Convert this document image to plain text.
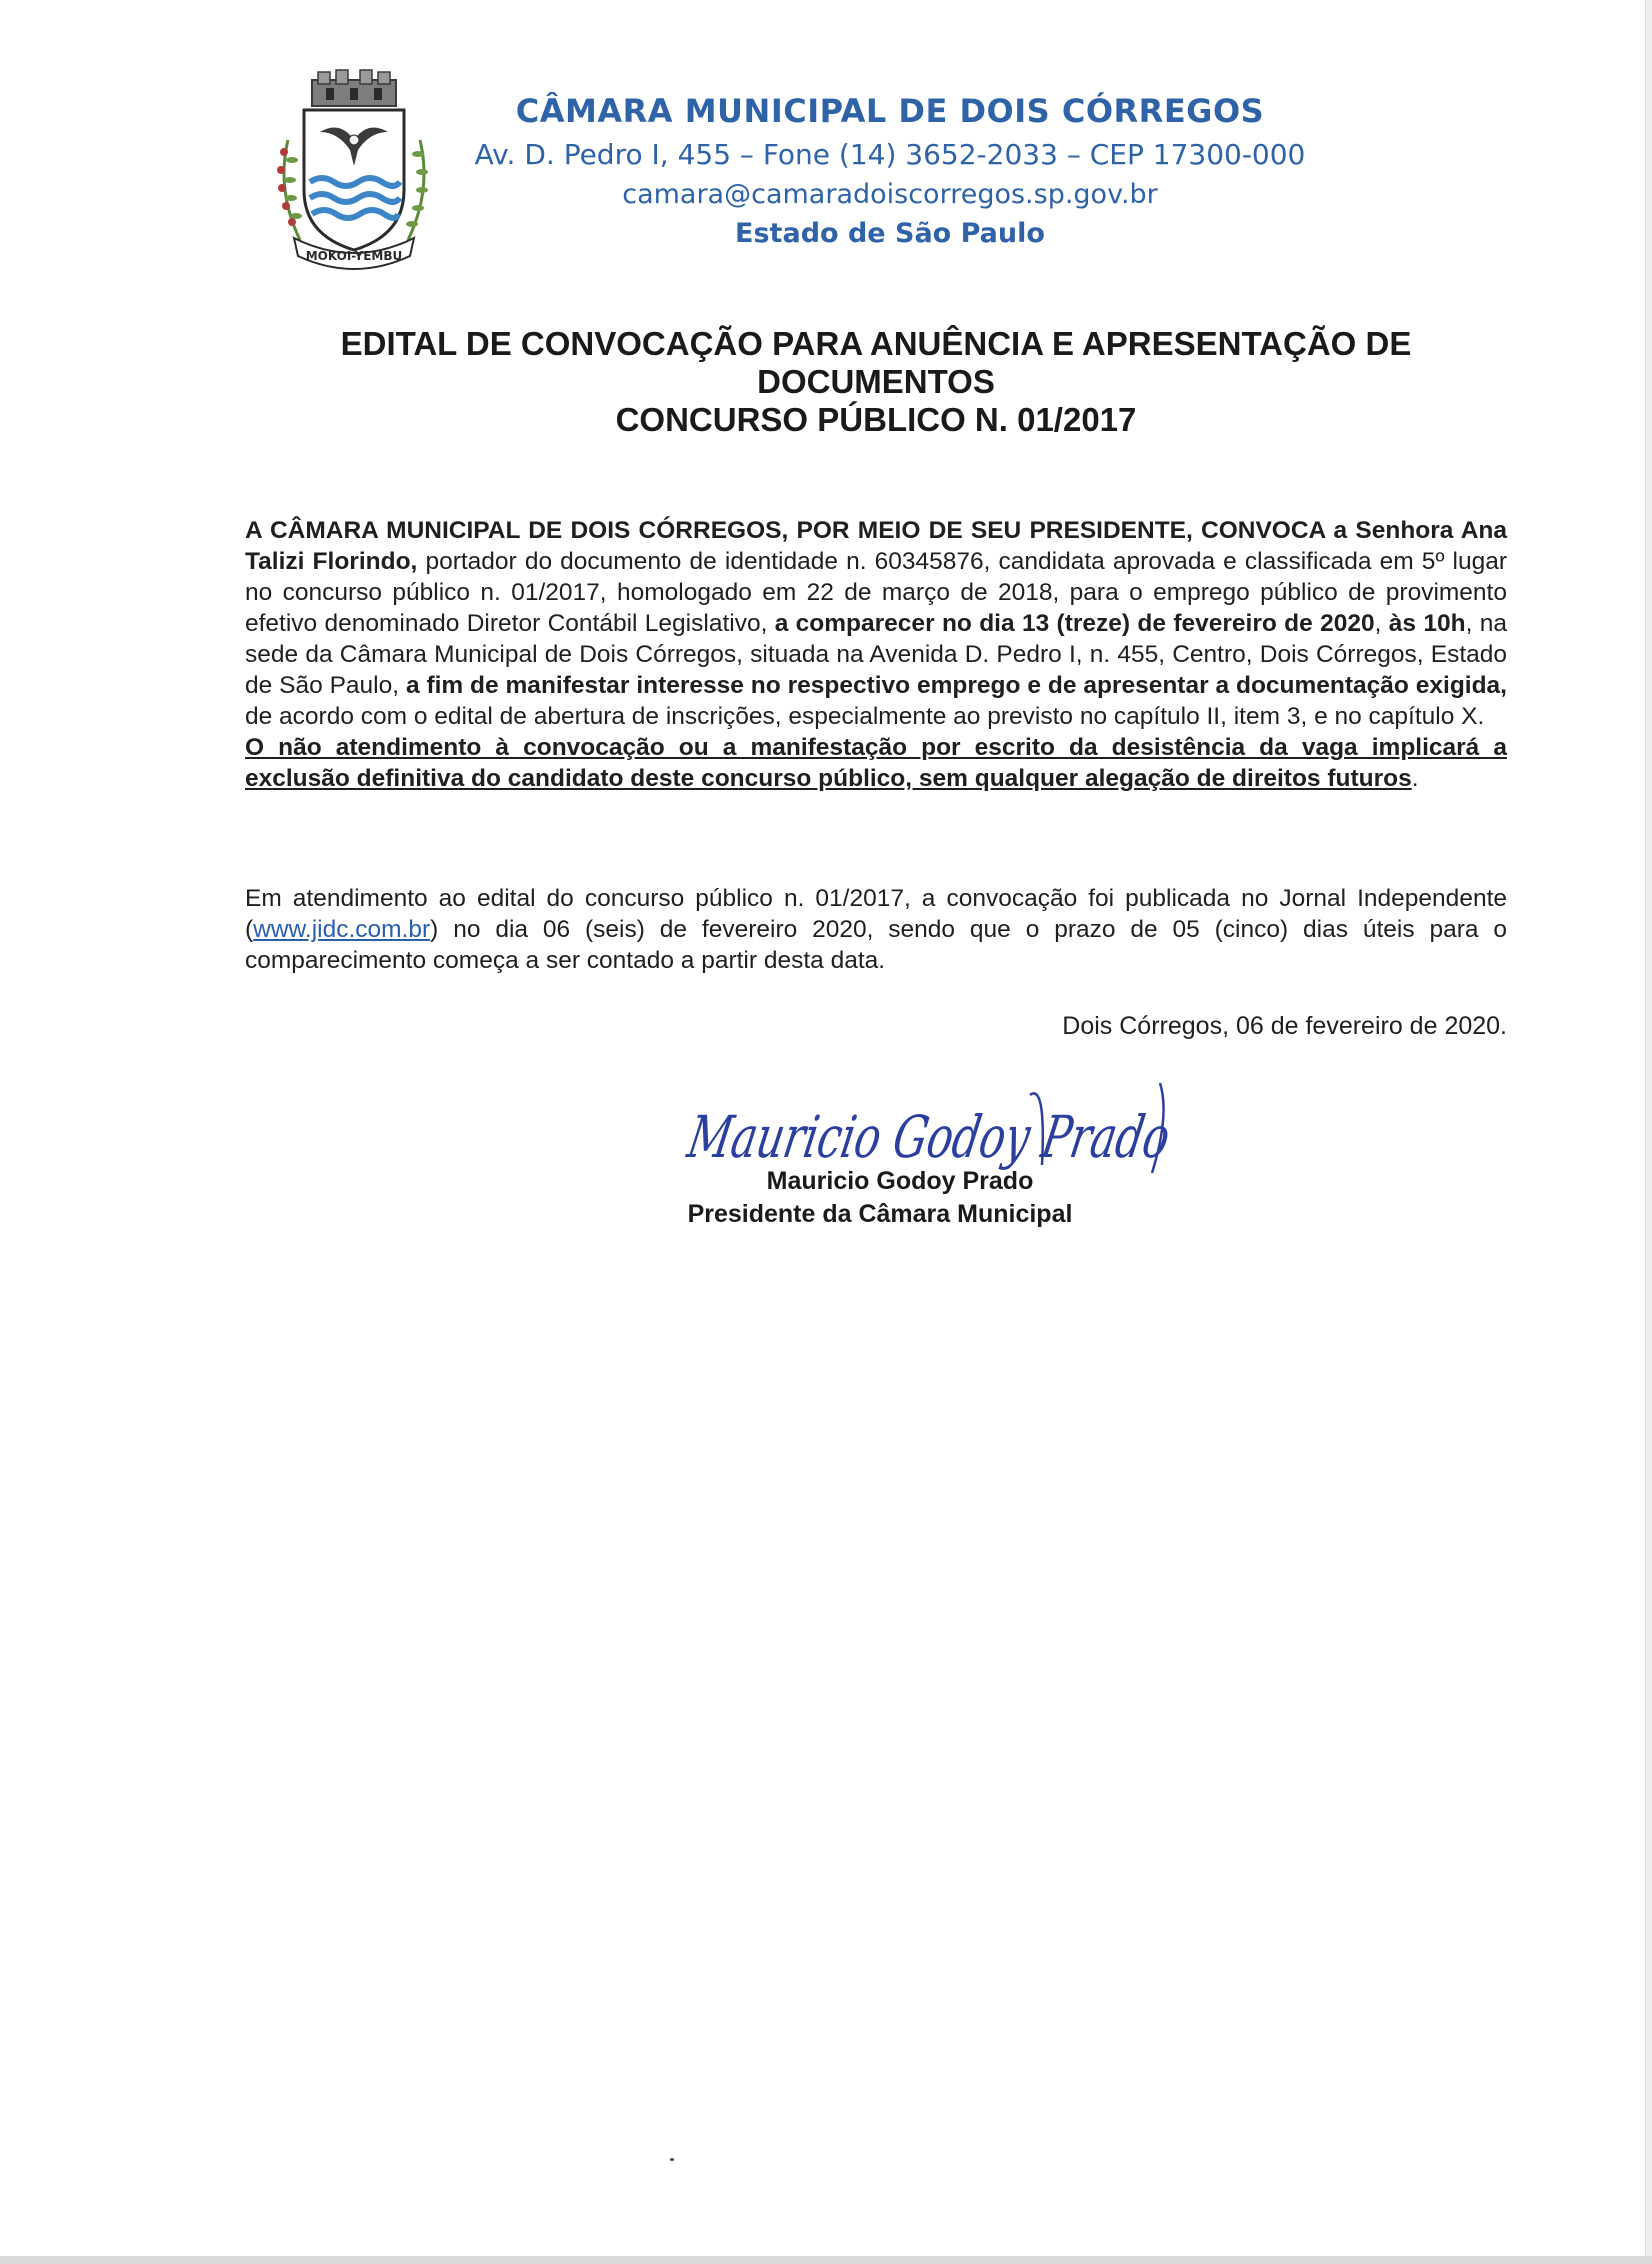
MOKOI-YEMBU
CÂMARA MUNICIPAL DE DOIS CÓRREGOS
Av. D. Pedro I, 455 – Fone (14) 3652-2033 – CEP 17300-000
camara@camaradoiscorregos.sp.gov.br
Estado de São Paulo
EDITAL DE CONVOCAÇÃO PARA ANUÊNCIA E APRESENTAÇÃO DE
DOCUMENTOS
CONCURSO PÚBLICO N. 01/2017
A CÂMARA MUNICIPAL DE DOIS CÓRREGOS, POR MEIO DE SEU PRESIDENTE, CONVOCA a Senhora Ana Talizi Florindo, portador do documento de identidade n. 60345876, candidata aprovada e classificada em 5º lugar no concurso público n. 01/2017, homologado em 22 de março de 2018, para o emprego público de provimento efetivo denominado Diretor Contábil Legislativo, a comparecer no dia 13 (treze) de fevereiro de 2020, às 10h, na sede da Câmara Municipal de Dois Córregos, situada na Avenida D. Pedro I, n. 455, Centro, Dois Córregos, Estado de São Paulo, a fim de manifestar interesse no respectivo emprego e de apresentar a documentação exigida, de acordo com o edital de abertura de inscrições, especialmente ao previsto no capítulo II, item 3, e no capítulo X.
O não atendimento à convocação ou a manifestação por escrito da desistência da vaga implicará a exclusão definitiva do candidato deste concurso público, sem qualquer alegação de direitos futuros.
Em atendimento ao edital do concurso público n. 01/2017, a convocação foi publicada no Jornal Independente (www.jidc.com.br) no dia 06 (seis) de fevereiro 2020, sendo que o prazo de 05 (cinco) dias úteis para o comparecimento começa a ser contado a partir desta data.
Dois Córregos, 06 de fevereiro de 2020.
Mauricio Godoy Prado
Mauricio Godoy Prado
Presidente da Câmara Municipal
